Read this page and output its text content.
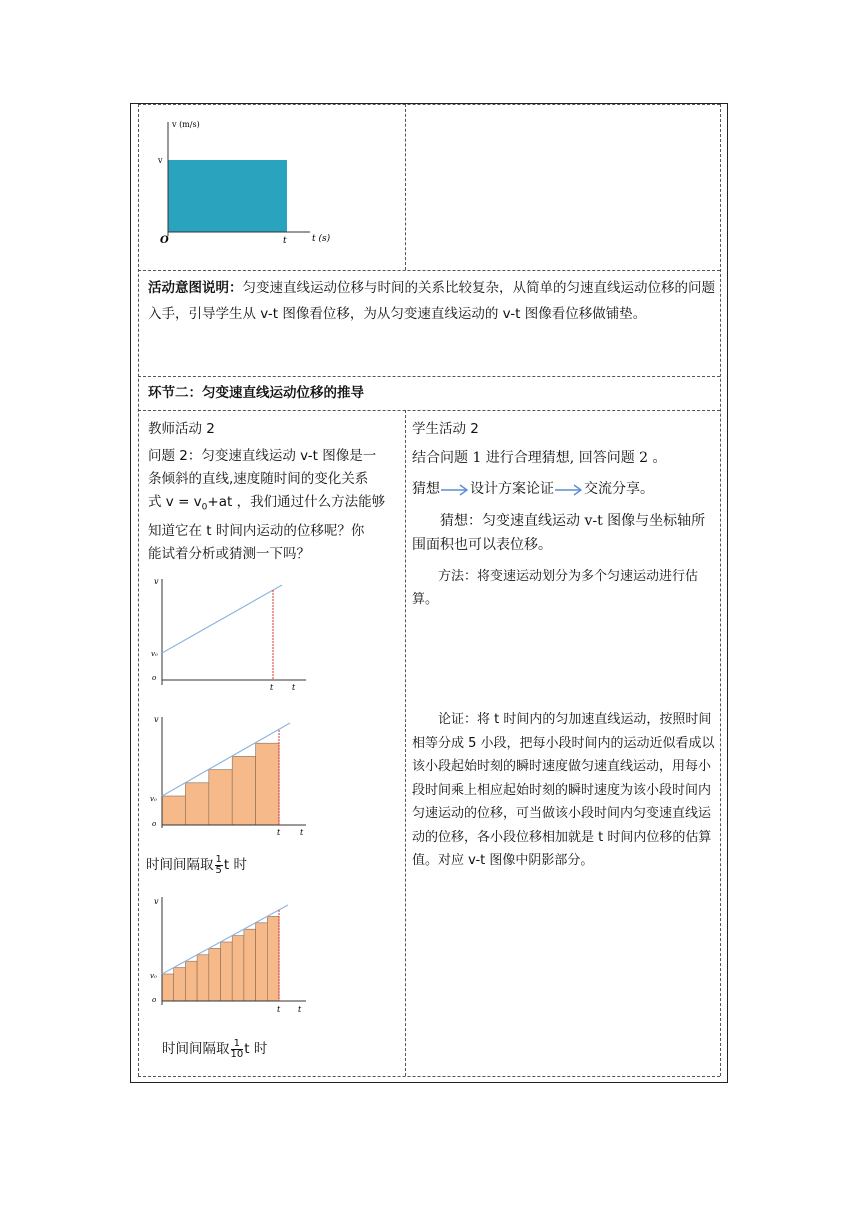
v (m/s)
t (s)
v
t
O
活动意图说明：匀变速直线运动位移与时间的关系比较复杂，从简单的匀速直线运动位移的问题入手，引导学生从 v-t 图像看位移，为从匀变速直线运动的 v-t 图像看位移做铺垫。
环节二：匀变速直线运动位移的推导
教师活动 2
问题 2：匀变速直线运动 v-t 图像是一
条倾斜的直线,速度随时间的变化关系
式 $v = v_0+at$ ，我们通过什么方法能够
知道它在 t 时间内运动的位移呢？你
能试着分析或猜测一下吗？
v
v₀
o
t t
v
v₀
o
t t
时间间隔取 $\frac{1}{5}$ t 时
v
v₀
o
t t
时间间隔取 $\frac{1}{10}$ t 时
学生活动 2
结合问题 1 进行合理猜想, 回答问题 2 。
猜想 设计方案论证 交流分享。
猜想：匀变速直线运动 v-t 图像与坐标轴所围面积也可以表位移。
方法：将变速运动划分为多个匀速运动进行估算。
论证：将 t 时间内的匀加速直线运动，按照时间相等分成 5 小段，把每小段时间内的运动近似看成以该小段起始时刻的瞬时速度做匀速直线运动，用每小段时间乘上相应起始时刻的瞬时速度为该小段时间内匀速运动的位移，可当做该小段时间内匀变速直线运动的位移，各小段位移相加就是 t 时间内位移的估算值。对应 v-t 图像中阴影部分。
